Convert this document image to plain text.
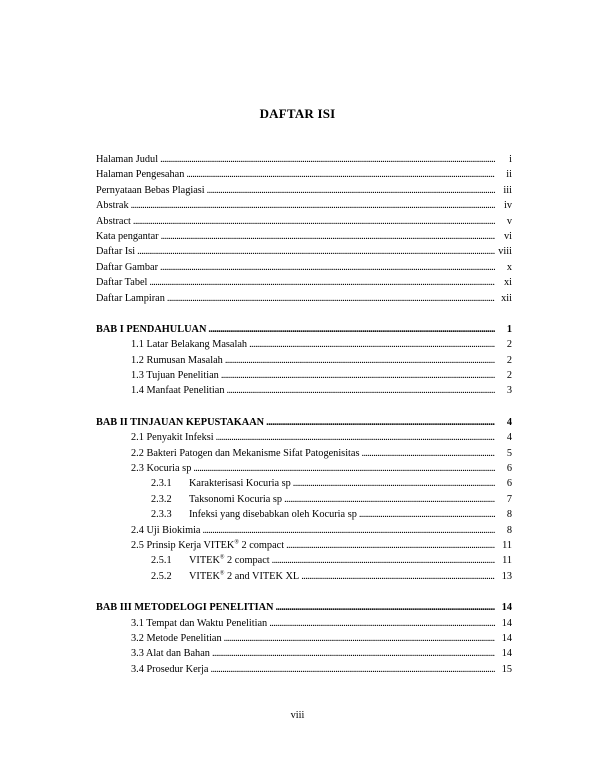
DAFTAR ISI
Halaman Judul . . .	i
Halaman Pengesahan . . .	ii
Pernyataan Bebas Plagiasi . . .	iii
Abstrak . . .	iv
Abstract . . .	v
Kata pengantar . . .	vi
Daftar Isi . . .	viii
Daftar Gambar . . .	x
Daftar Tabel . . .	xi
Daftar Lampiran . . .	xii
BAB I PENDAHULUAN . . .	1
1.1 Latar Belakang Masalah . . .	2
1.2 Rumusan Masalah . . .	2
1.3 Tujuan Penelitian . . .	2
1.4 Manfaat Penelitian . . .	3
BAB II TINJAUAN KEPUSTAKAAN . . .	4
2.1 Penyakit Infeksi . . .	4
2.2 Bakteri Patogen dan Mekanisme Sifat Patogenisitas . . .	5
2.3 Kocuria sp . . .	6
2.3.1	Karakterisasi Kocuria sp . . .	6
2.3.2	Taksonomi Kocuria sp . . .	7
2.3.3	Infeksi yang disebabkan oleh Kocuria sp . . .	8
2.4 Uji Biokimia . . .	8
2.5 Prinsip Kerja VITEK® 2 compact . . .	11
2.5.1	VITEK® 2 compact . . .	11
2.5.2	VITEK® 2 and VITEK XL . . .	13
BAB III METODELOGI PENELITIAN . . .	14
3.1 Tempat dan Waktu Penelitian . . .	14
3.2 Metode Penelitian . . .	14
3.3 Alat dan Bahan . . .	14
3.4 Prosedur Kerja . . .	15
viii
